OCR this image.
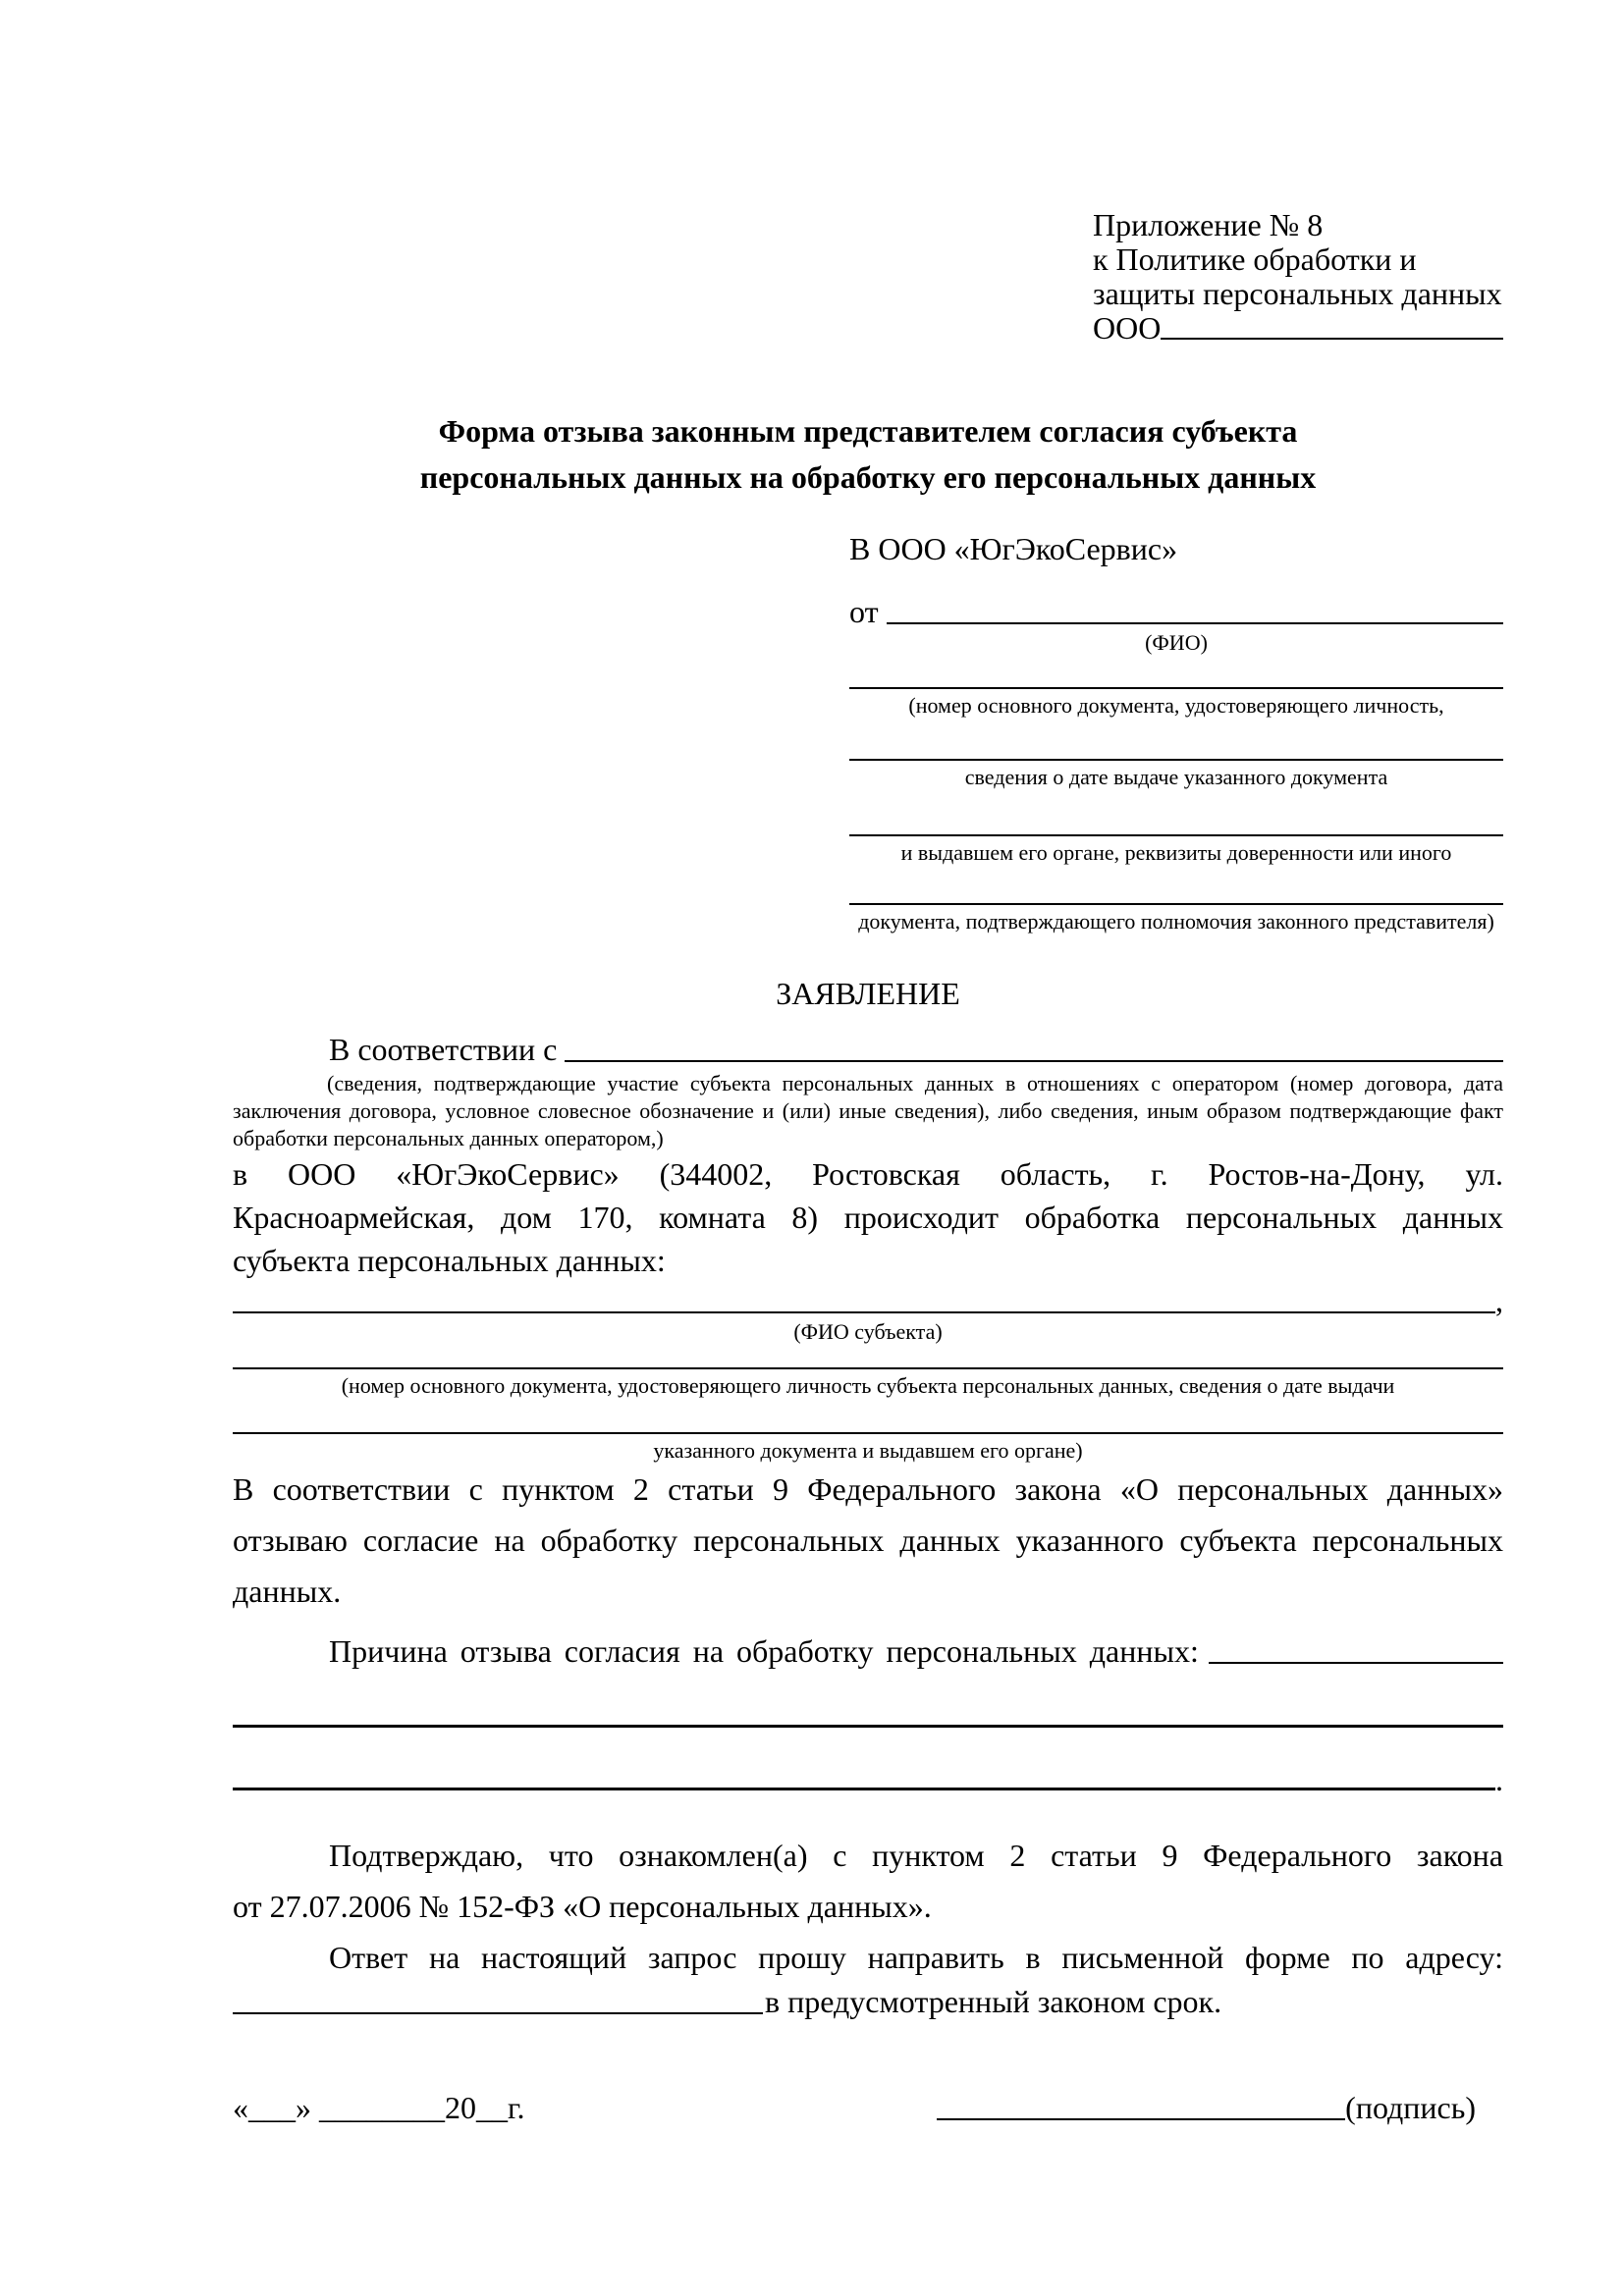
Приложение № 8
к Политике обработки и
защиты персональных данных
ООО
Форма отзыва законным представителем согласия субъекта
персональных данных на обработку его персональных данных
В ООО «ЮгЭкоСервис»
от
(ФИО)
(номер основного документа, удостоверяющего личность,
сведения о дате выдаче указанного документа
и выдавшем его органе, реквизиты доверенности или иного
документа, подтверждающего полномочия законного представителя)
ЗАЯВЛЕНИЕ
В соответствии с
(сведения, подтверждающие участие субъекта персональных данных в отношениях с оператором (номер договора, дата
заключения договора, условное словесное обозначение и (или) иные сведения), либо сведения, иным образом подтверждающие факт
обработки персональных данных оператором,)
в ООО «ЮгЭкоСервис» (344002, Ростовская область, г. Ростов-на-Дону, ул.
Красноармейская, дом 170, комната 8) происходит обработка персональных данных
субъекта персональных данных:
,
(ФИО субъекта)
(номер основного документа, удостоверяющего личность субъекта персональных данных, сведения о дате выдачи
указанного документа и выдавшем его органе)
В соответствии с пунктом 2 статьи 9 Федерального закона «О персональных данных»
отзываю согласие на обработку персональных данных указанного субъекта персональных
данных.
Причина отзыва согласия на обработку персональных данных:
.
Подтверждаю, что ознакомлен(а) с пунктом 2 статьи 9 Федерального закона
от 27.07.2006 № 152-ФЗ «О персональных данных».
Ответ на настоящий запрос прошу направить в письменной форме по адресу:
в предусмотренный законом срок.
«___» ________20__г.	(подпись)
